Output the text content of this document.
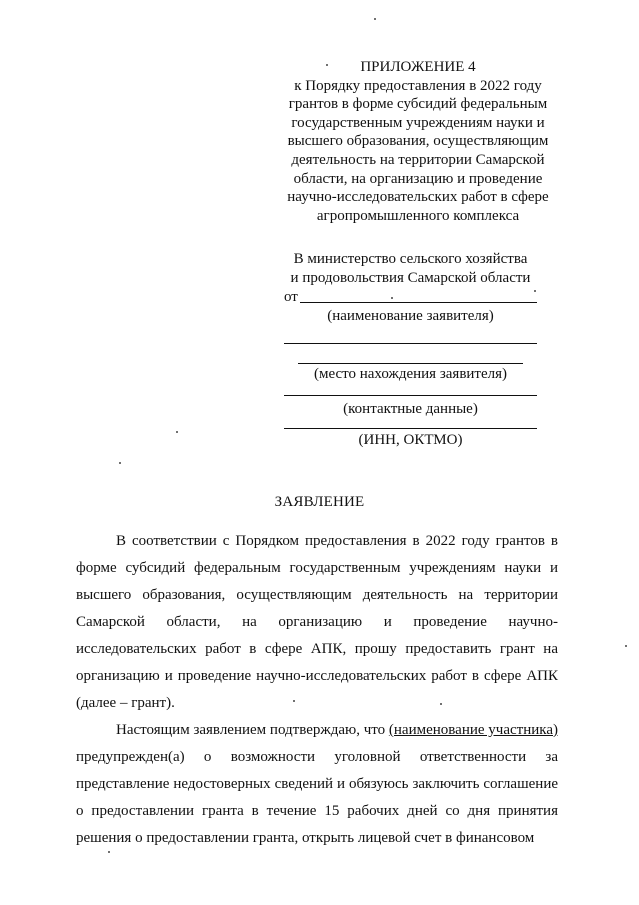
ПРИЛОЖЕНИЕ 4
к Порядку предоставления в 2022 году
грантов в форме субсидий федеральным
государственным учреждениям науки и
высшего образования, осуществляющим
деятельность на территории Самарской
области, на организацию и проведение
научно-исследовательских работ в сфере
агропромышленного комплекса
В министерство сельского хозяйства
и продовольствия Самарской области
от
(наименование заявителя)
(место нахождения заявителя)
(контактные данные)
(ИНН, ОКТМО)
ЗАЯВЛЕНИЕ

В соответствии с Порядком предоставления в 2022 году грантов в форме субсидий федеральным государственным учреждениям науки и высшего образования, осуществляющим деятельность на территории Самарской области, на организацию и проведение научно-исследовательских работ в сфере АПК, прошу предоставить грант на организацию и проведение научно-исследовательских работ в сфере АПК (далее – грант).

Настоящим заявлением подтверждаю, что (наименование участника) предупрежден(а) о возможности уголовной ответственности за представление недостоверных сведений и обязуюсь заключить соглашение о предоставлении гранта в течение 15 рабочих дней со дня принятия решения о предоставлении гранта, открыть лицевой счет в финансовом
